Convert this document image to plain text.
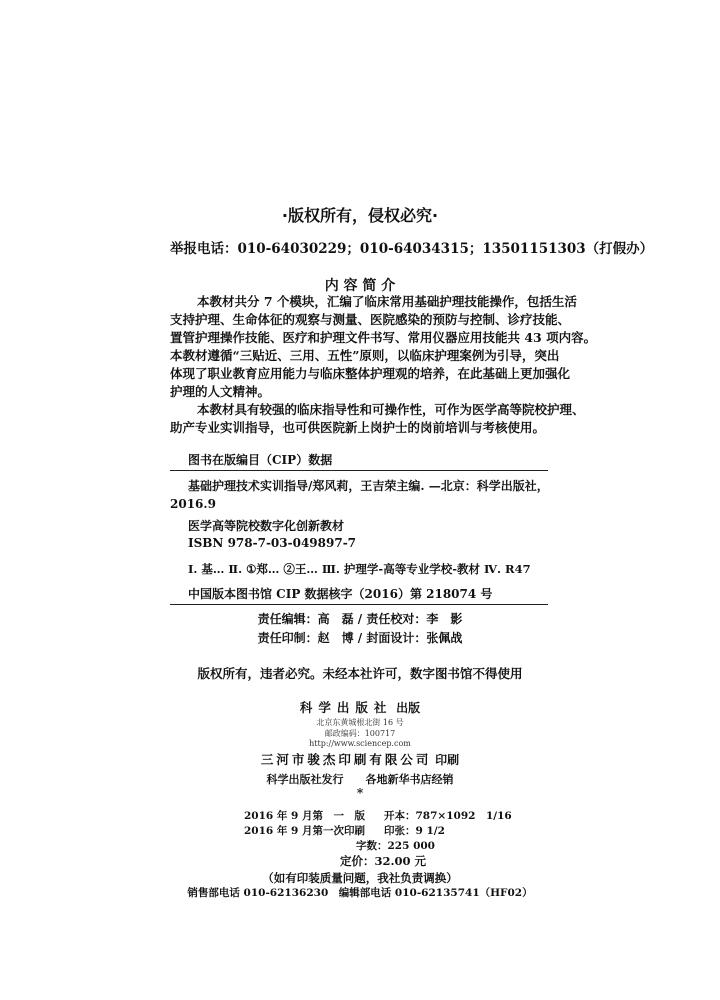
·版权所有，侵权必究·
举报电话：010-64030229；010-64034315；13501151303（打假办）
内 容 简 介
本教材共分 7 个模块，汇编了临床常用基础护理技能操作，包括生活
支持护理、生命体征的观察与测量、医院感染的预防与控制、诊疗技能、
置管护理操作技能、医疗和护理文件书写、常用仪器应用技能共 43 项内容。
本教材遵循“三贴近、三用、五性”原则，以临床护理案例为引导，突出
体现了职业教育应用能力与临床整体护理观的培养，在此基础上更加强化
护理的人文精神。
本教材具有较强的临床指导性和可操作性，可作为医学高等院校护理、
助产专业实训指导，也可供医院新上岗护士的岗前培训与考核使用。
图书在版编目（CIP）数据
基础护理技术实训指导/郑风莉，王吉荣主编. —北京：科学出版社，
2016.9
医学高等院校数字化创新教材
ISBN 978-7-03-049897-7
Ⅰ. 基… Ⅱ. ①郑… ②王… Ⅲ. 护理学-高等专业学校-教材 Ⅳ. R47
中国版本图书馆 CIP 数据核字（2016）第 218074 号
责任编辑：高　磊 / 责任校对：李　影
责任印制：赵　博 / 封面设计：张佩战
版权所有，违者必究。未经本社许可，数字图书馆不得使用
科学出版社 出版
北京东黄城根北街 16 号
邮政编码：100717
http://www.sciencep.com
三河市骏杰印刷有限公司 印刷
科学出版社发行　　各地新华书店经销
*
2016 年 9 月第　一　版 开本：787×1092　1/16
2016 年 9 月第一次印刷 印张：9 1/2
字数：225 000
定价：32.00 元
（如有印装质量问题，我社负责调换）
销售部电话 010-62136230　编辑部电话 010-62135741（HF02）
